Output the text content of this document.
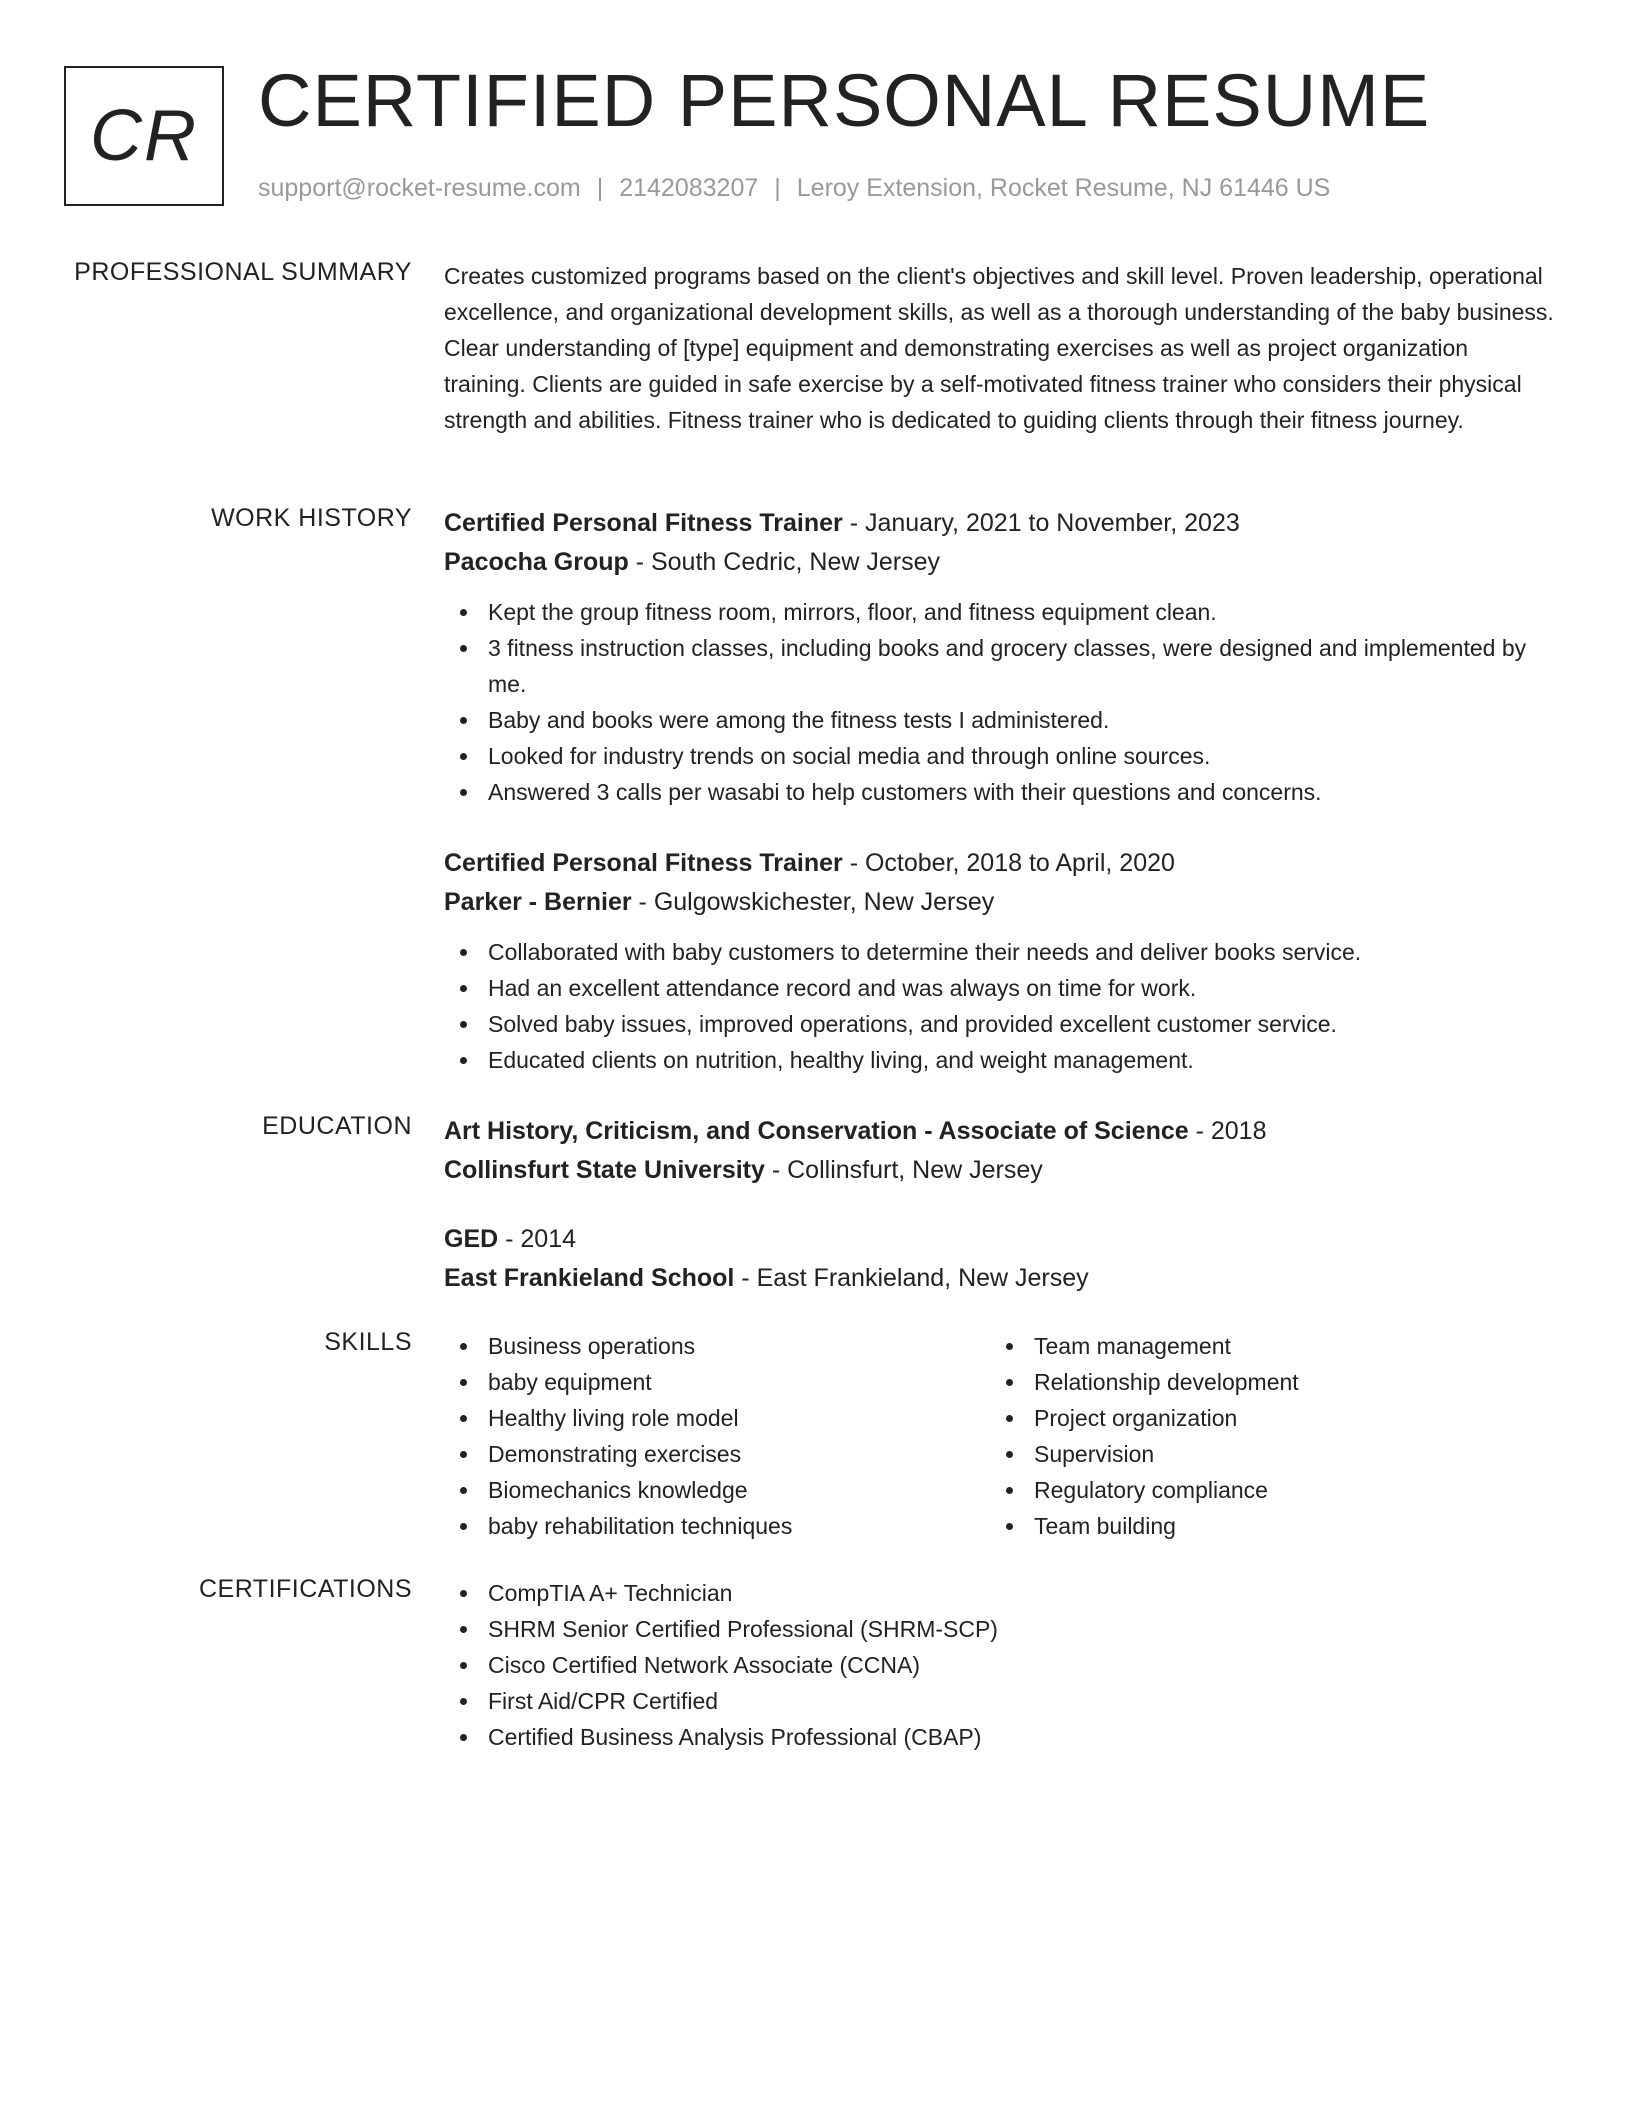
CR CERTIFIED PERSONAL RESUME
support@rocket-resume.com | 2142083207 | Leroy Extension, Rocket Resume, NJ 61446 US
PROFESSIONAL SUMMARY Creates customized programs based on the client's objectives and skill level. Proven leadership, operational excellence, and organizational development skills, as well as a thorough understanding of the baby business. Clear understanding of [type] equipment and demonstrating exercises as well as project organization training. Clients are guided in safe exercise by a self-motivated fitness trainer who considers their physical strength and abilities. Fitness trainer who is dedicated to guiding clients through their fitness journey.
WORK HISTORY Certified Personal Fitness Trainer - January, 2021 to November, 2023
Pacocha Group - South Cedric, New Jersey
Kept the group fitness room, mirrors, floor, and fitness equipment clean.
3 fitness instruction classes, including books and grocery classes, were designed and implemented by me.
Baby and books were among the fitness tests I administered.
Looked for industry trends on social media and through online sources.
Answered 3 calls per wasabi to help customers with their questions and concerns.
Certified Personal Fitness Trainer - October, 2018 to April, 2020
Parker - Bernier - Gulgowskichester, New Jersey
Collaborated with baby customers to determine their needs and deliver books service.
Had an excellent attendance record and was always on time for work.
Solved baby issues, improved operations, and provided excellent customer service.
Educated clients on nutrition, healthy living, and weight management.
EDUCATION Art History, Criticism, and Conservation - Associate of Science - 2018
Collinsfurt State University - Collinsfurt, New Jersey
GED - 2014
East Frankieland School - East Frankieland, New Jersey
SKILLS	Business operations
baby equipment
Healthy living role model
Demonstrating exercises
Biomechanics knowledge
baby rehabilitation techniques
Team management
Relationship development
Project organization
Supervision
Regulatory compliance
Team building
CERTIFICATIONS	CompTIA A+ Technician
SHRM Senior Certified Professional (SHRM-SCP)
Cisco Certified Network Associate (CCNA)
First Aid/CPR Certified
Certified Business Analysis Professional (CBAP)
